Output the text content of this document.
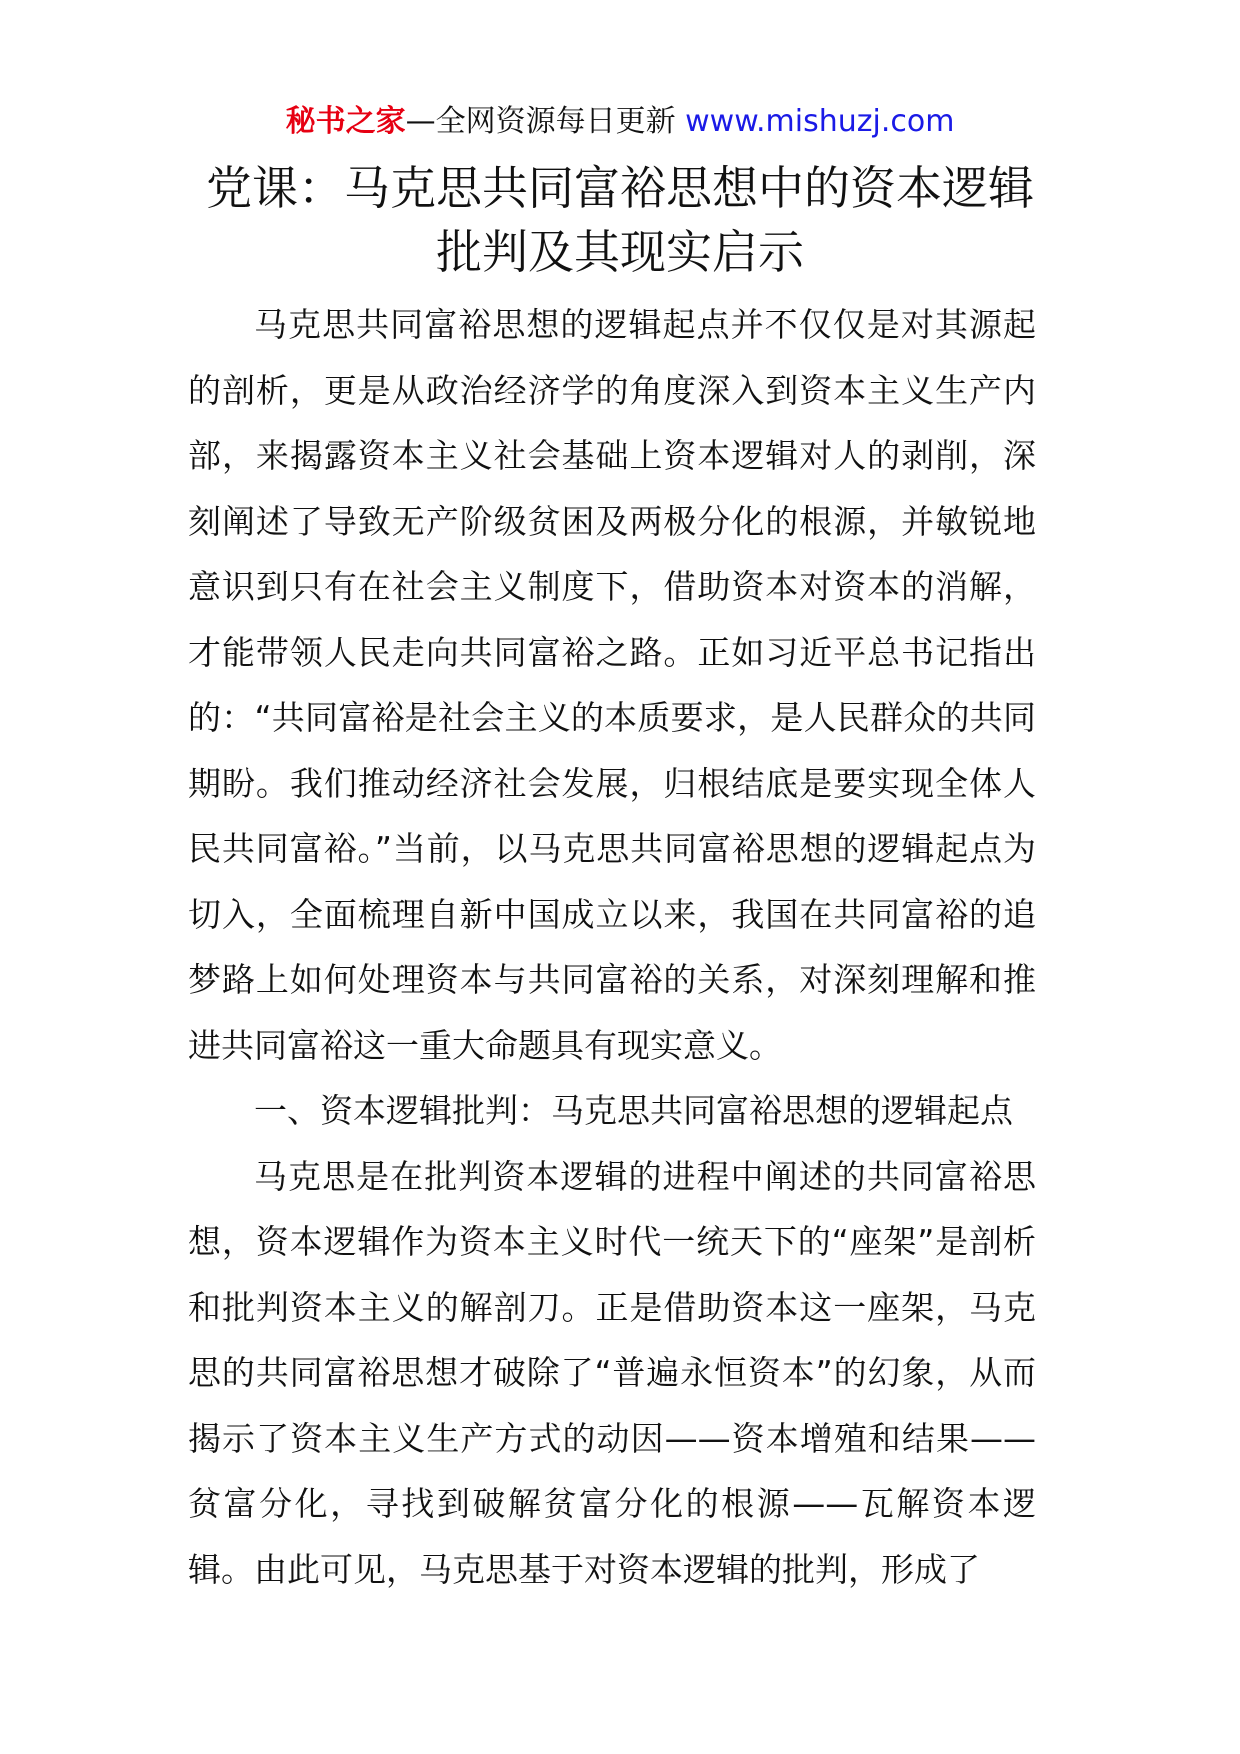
秘书之家—全网资源每日更新 www.mishuzj.com
党课：马克思共同富裕思想中的资本逻辑
批判及其现实启示

马克思共同富裕思想的逻辑起点并不仅仅是对其源起的剖析，更是从政治经济学的角度深入到资本主义生产内部，来揭露资本主义社会基础上资本逻辑对人的剥削，深刻阐述了导致无产阶级贫困及两极分化的根源，并敏锐地意识到只有在社会主义制度下，借助资本对资本的消解，才能带领人民走向共同富裕之路。正如习近平总书记指出的：“共同富裕是社会主义的本质要求，是人民群众的共同期盼。我们推动经济社会发展，归根结底是要实现全体人民共同富裕。”当前，以马克思共同富裕思想的逻辑起点为切入，全面梳理自新中国成立以来，我国在共同富裕的追梦路上如何处理资本与共同富裕的关系，对深刻理解和推进共同富裕这一重大命题具有现实意义。

一、资本逻辑批判：马克思共同富裕思想的逻辑起点

马克思是在批判资本逻辑的进程中阐述的共同富裕思想，资本逻辑作为资本主义时代一统天下的“座架”是剖析和批判资本主义的解剖刀。正是借助资本这一座架，马克思的共同富裕思想才破除了“普遍永恒资本”的幻象，从而揭示了资本主义生产方式的动因——资本增殖和结果——贫富分化，寻找到破解贫富分化的根源——瓦解资本逻辑。由此可见，马克思基于对资本逻辑的批判，形成了
